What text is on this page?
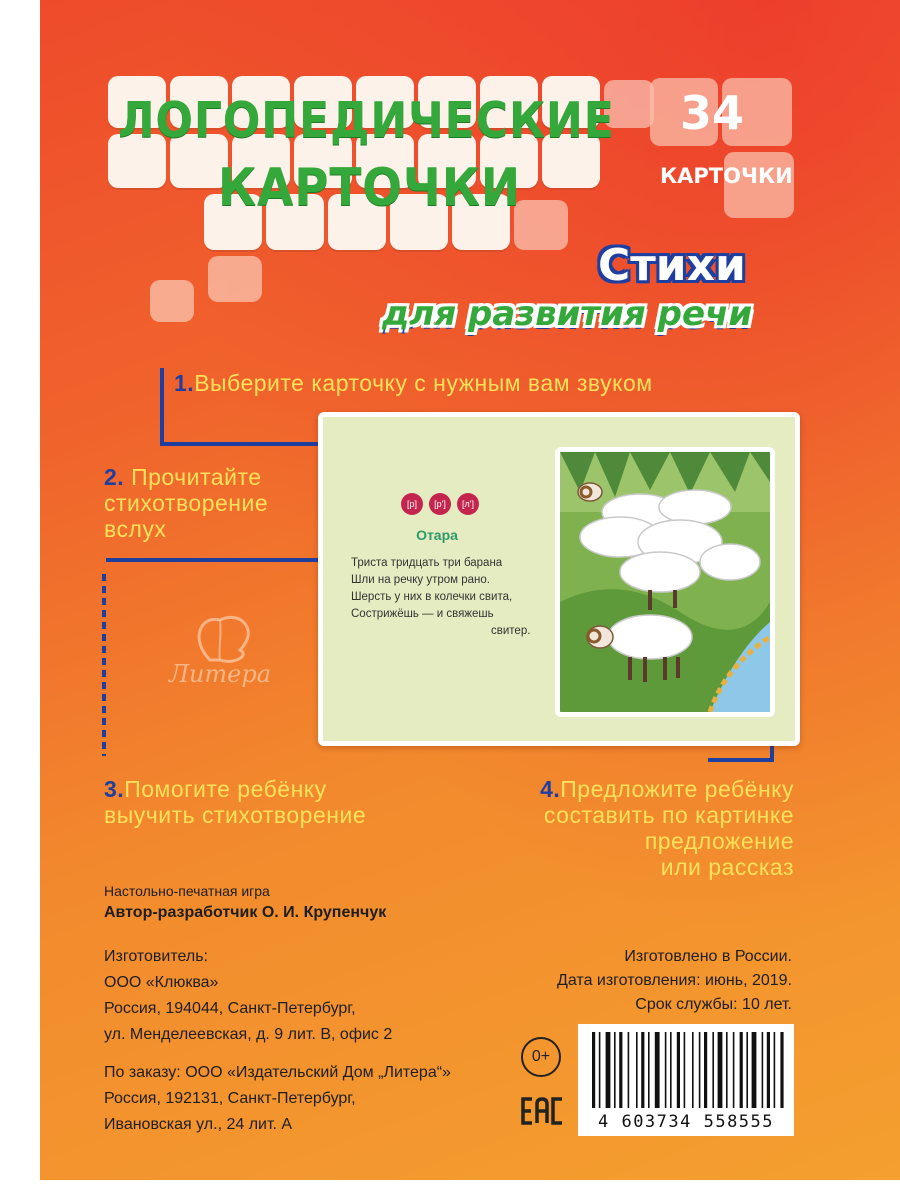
ЛОГОПЕДИЧЕСКИЕ
КАРТОЧКИ
34
КАРТОЧКИ
Стихи
для развития речи
1.Выберите карточку с нужным вам звуком
2. Прочитайте
стихотворение
вслух
3.Помогите ребёнку
выучить стихотворение
4.Предложите ребёнку
составить по картинке
предложение
или рассказ
Литера
[р]	[р']	[л']
Отара
Триста тридцать три барана
Шли на речку утром рано.
Шерсть у них в колечки свита,
Сострижёшь — и свяжешь
свитер.
Настольно-печатная игра
Автор-разработчик О. И. Крупенчук
Изготовитель:
ООО «Клюква»
Россия, 194044, Санкт-Петербург,
ул. Менделеевская, д. 9 лит. В, офис 2
По заказу: ООО «Издательский Дом „Литера“»
Россия, 192131, Санкт-Петербург,
Ивановская ул., 24 лит. А
Изготовлено в России.
Дата изготовления: июнь, 2019.
Срок службы: 10 лет.
0+
4 603734 558555
